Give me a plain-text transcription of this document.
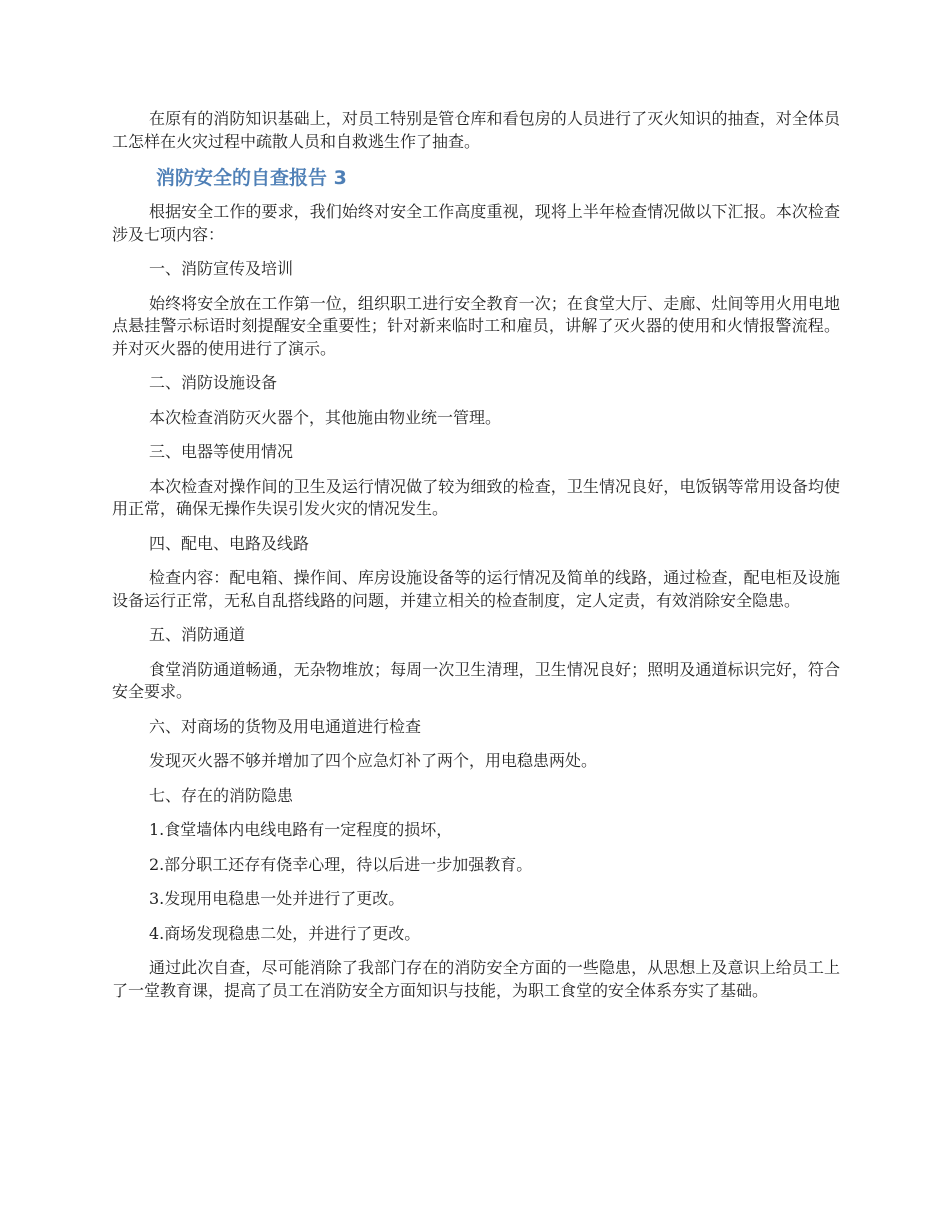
在原有的消防知识基础上，对员工特别是管仓库和看包房的人员进行了灭火知识的抽查，对全体员工怎样在火灾过程中疏散人员和自救逃生作了抽查。

消防安全的自查报告 3

根据安全工作的要求，我们始终对安全工作高度重视，现将上半年检查情况做以下汇报。本次检查涉及七项内容：

一、消防宣传及培训

始终将安全放在工作第一位，组织职工进行安全教育一次；在食堂大厅、走廊、灶间等用火用电地点悬挂警示标语时刻提醒安全重要性；针对新来临时工和雇员，讲解了灭火器的使用和火情报警流程。并对灭火器的使用进行了演示。

二、消防设施设备

本次检查消防灭火器个，其他施由物业统一管理。

三、电器等使用情况

本次检查对操作间的卫生及运行情况做了较为细致的检查，卫生情况良好，电饭锅等常用设备均使用正常，确保无操作失误引发火灾的情况发生。

四、配电、电路及线路

检查内容：配电箱、操作间、库房设施设备等的运行情况及简单的线路，通过检查，配电柜及设施设备运行正常，无私自乱搭线路的问题，并建立相关的检查制度，定人定责，有效消除安全隐患。

五、消防通道

食堂消防通道畅通，无杂物堆放；每周一次卫生清理，卫生情况良好；照明及通道标识完好，符合安全要求。

六、对商场的货物及用电通道进行检查

发现灭火器不够并增加了四个应急灯补了两个，用电稳患两处。

七、存在的消防隐患

1.食堂墙体内电线电路有一定程度的损坏，

2.部分职工还存有侥幸心理，待以后进一步加强教育。

3.发现用电稳患一处并进行了更改。

4.商场发现稳患二处，并进行了更改。

通过此次自查，尽可能消除了我部门存在的消防安全方面的一些隐患，从思想上及意识上给员工上了一堂教育课，提高了员工在消防安全方面知识与技能，为职工食堂的安全体系夯实了基础。
